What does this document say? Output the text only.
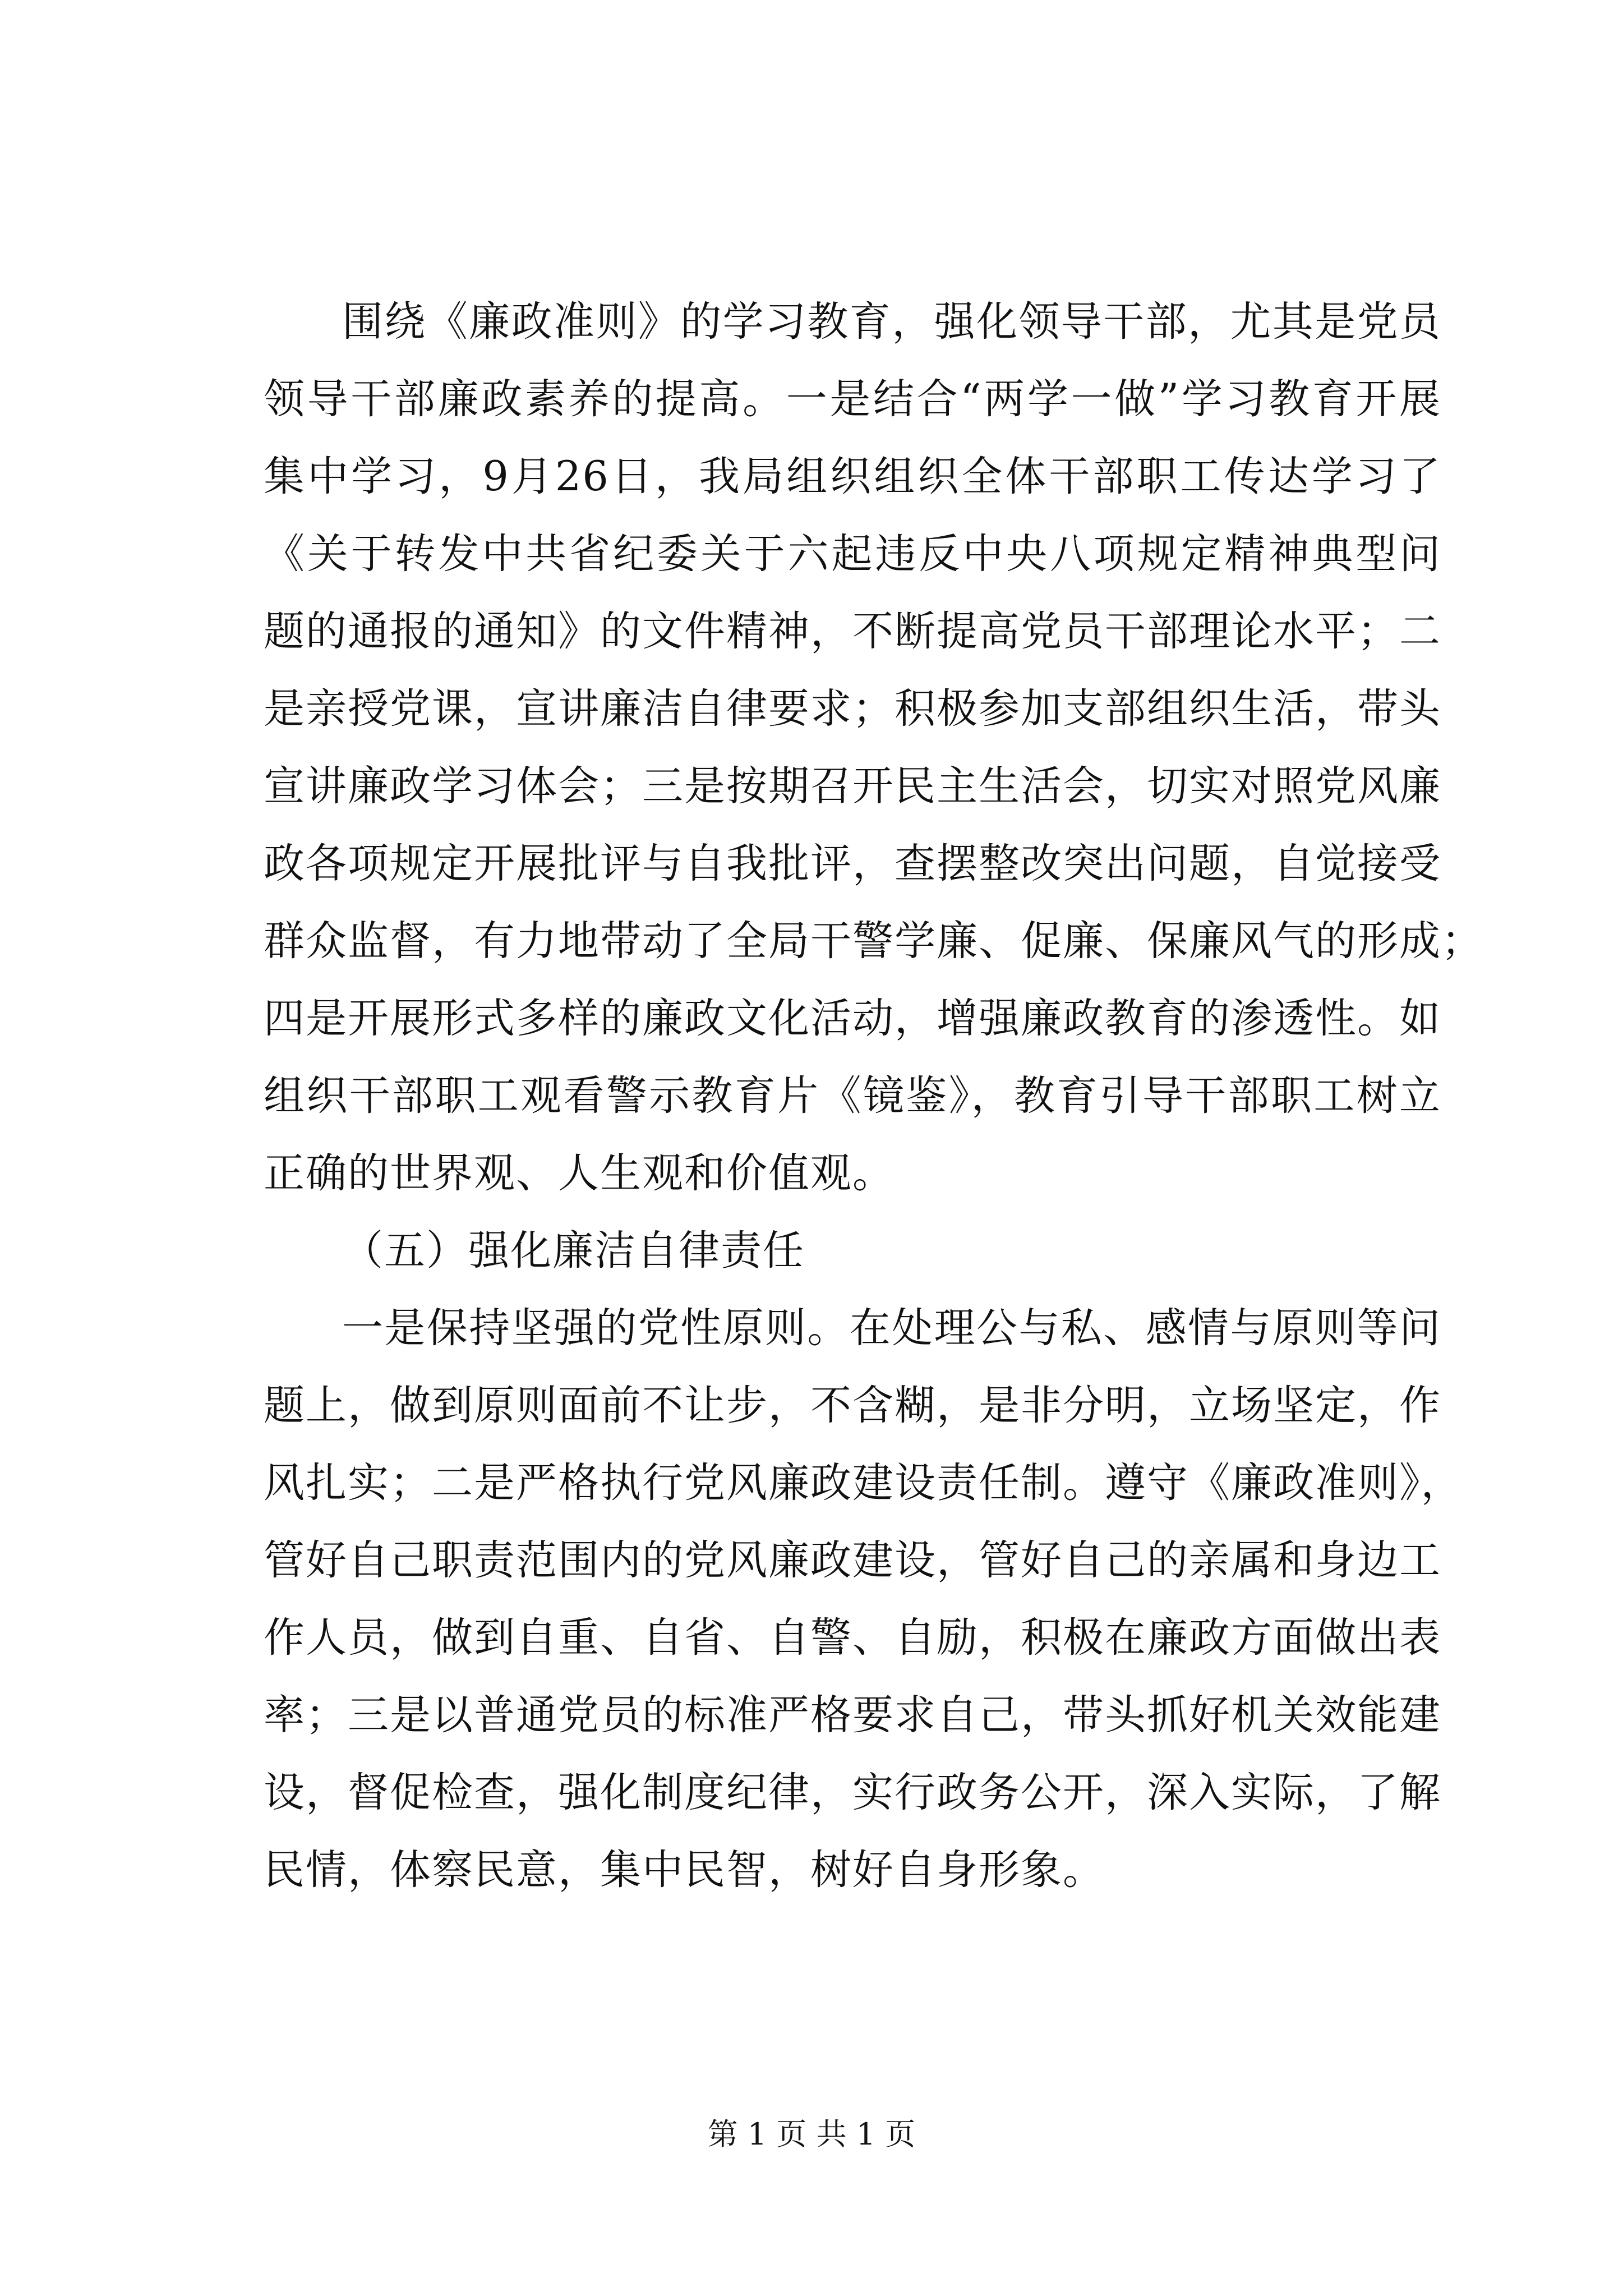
围绕《廉政准则》的学习教育，强化领导干部，尤其是党员
领导干部廉政素养的提高。一是结合“两学一做”学习教育开展
集中学习，9月26日，我局组织组织全体干部职工传达学习了
《关于转发中共省纪委关于六起违反中央八项规定精神典型问
题的通报的通知》的文件精神，不断提高党员干部理论水平；二
是亲授党课，宣讲廉洁自律要求；积极参加支部组织生活，带头
宣讲廉政学习体会；三是按期召开民主生活会，切实对照党风廉
政各项规定开展批评与自我批评，查摆整改突出问题，自觉接受
群众监督，有力地带动了全局干警学廉、促廉、保廉风气的形成；
四是开展形式多样的廉政文化活动，增强廉政教育的渗透性。如
组织干部职工观看警示教育片《镜鉴》，教育引导干部职工树立
正确的世界观、人生观和价值观。
（五）强化廉洁自律责任
一是保持坚强的党性原则。在处理公与私、感情与原则等问
题上，做到原则面前不让步，不含糊，是非分明，立场坚定，作
风扎实；二是严格执行党风廉政建设责任制。遵守《廉政准则》，
管好自己职责范围内的党风廉政建设，管好自己的亲属和身边工
作人员，做到自重、自省、自警、自励，积极在廉政方面做出表
率；三是以普通党员的标准严格要求自己，带头抓好机关效能建
设，督促检查，强化制度纪律，实行政务公开，深入实际，了解
民情，体察民意，集中民智，树好自身形象。
第 1 页 共 1 页
